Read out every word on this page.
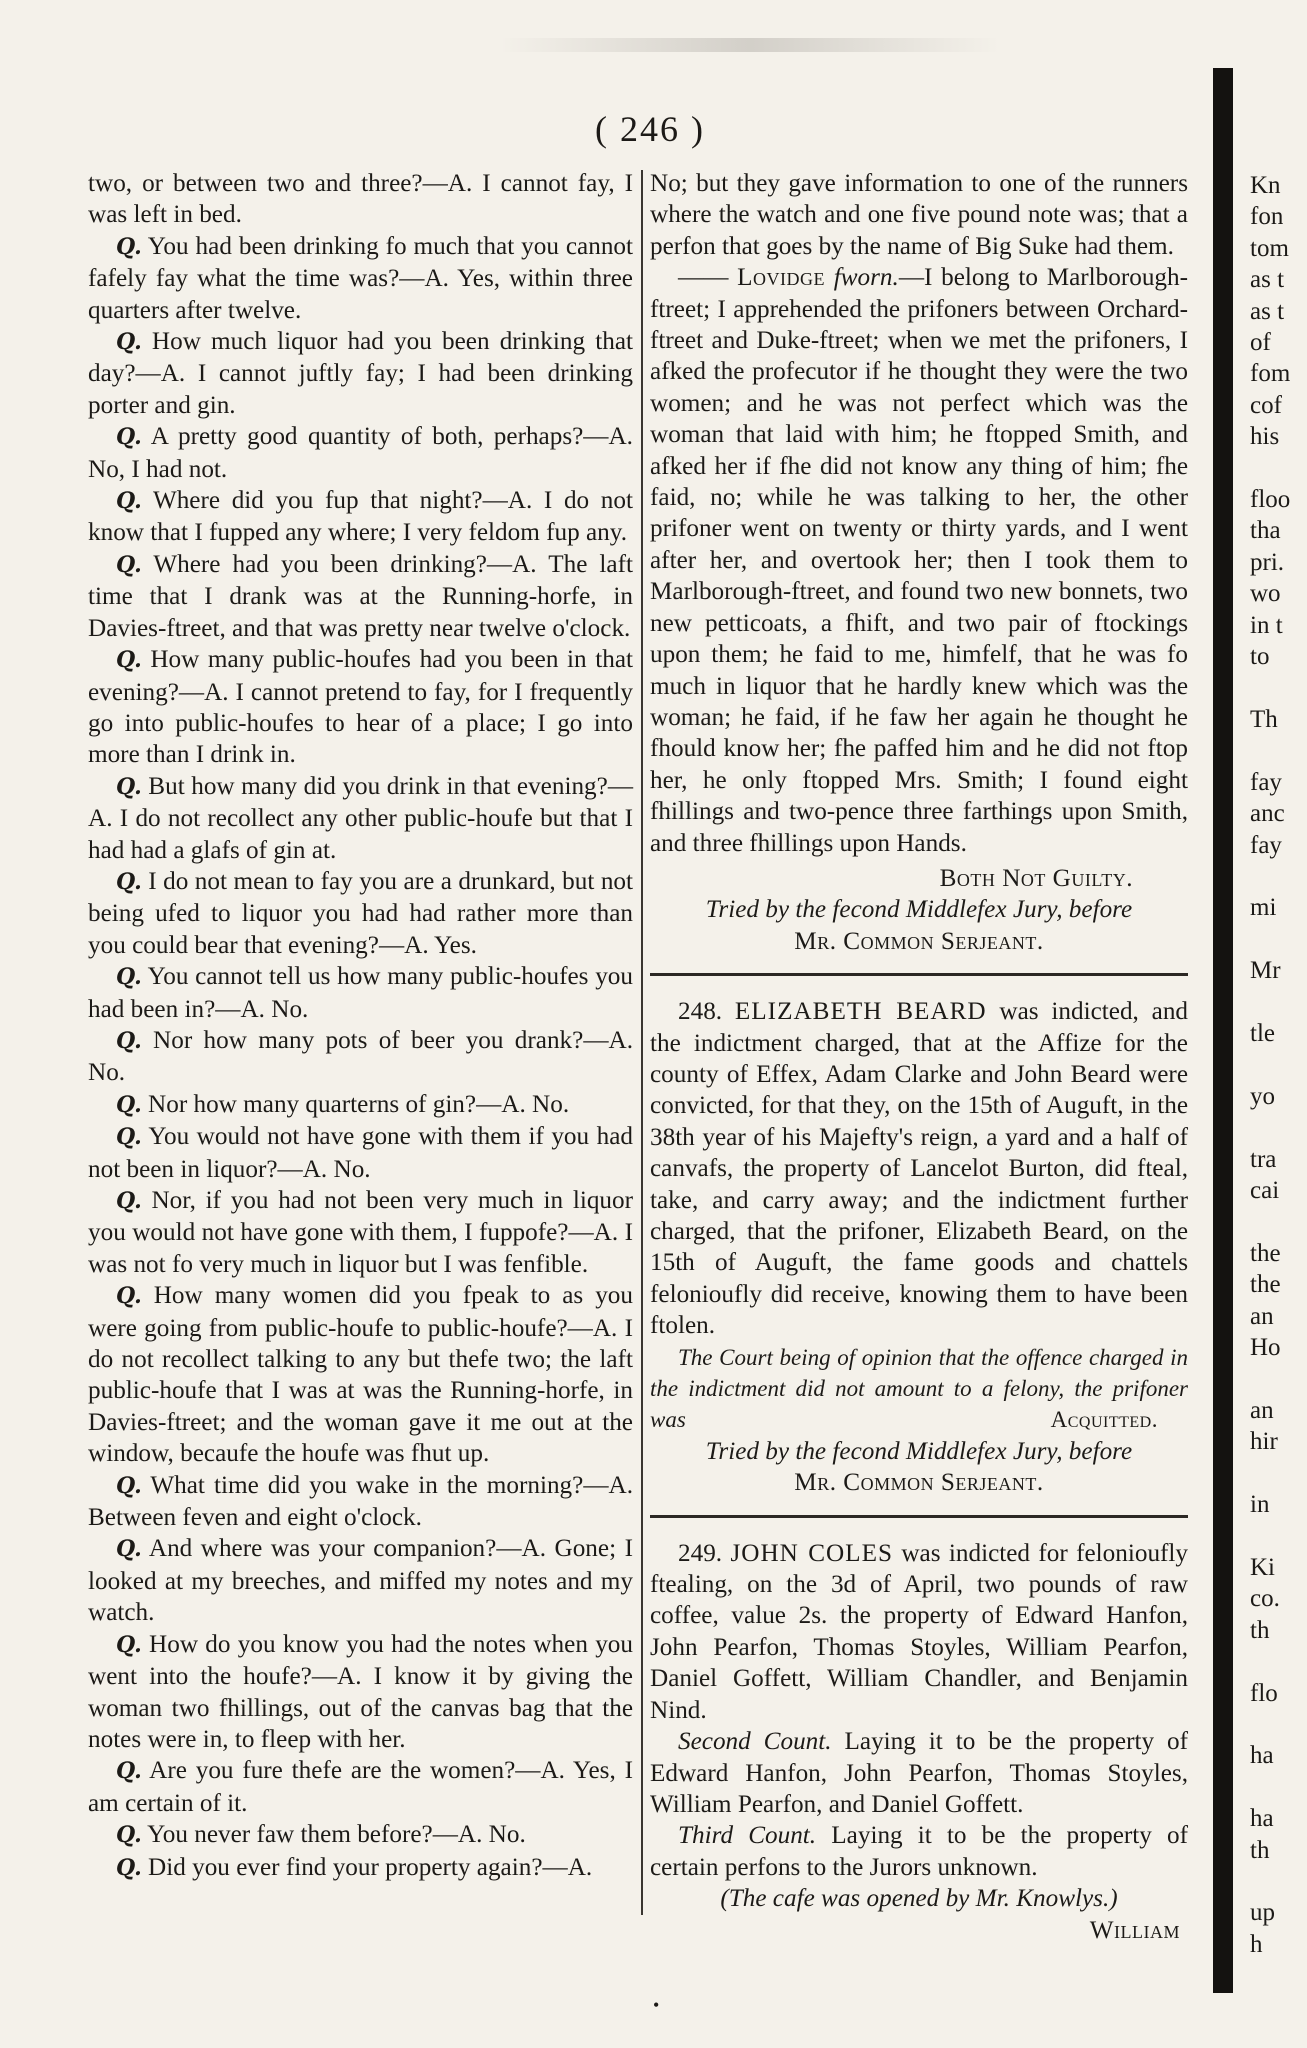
( 246 )

two, or between two and three?—A. I cannot fay, I was left in bed.

Q. You had been drinking fo much that you cannot fafely fay what the time was?—A. Yes, within three quarters after twelve.

Q. How much liquor had you been drinking that day?—A. I cannot juftly fay; I had been drinking porter and gin.

Q. A pretty good quantity of both, perhaps?—A. No, I had not.

Q. Where did you fup that night?—A. I do not know that I fupped any where; I very feldom fup any.

Q. Where had you been drinking?—A. The laft time that I drank was at the Running-horfe, in Davies-ftreet, and that was pretty near twelve o'clock.

Q. How many public-houfes had you been in that evening?—A. I cannot pretend to fay, for I frequently go into public-houfes to hear of a place; I go into more than I drink in.

Q. But how many did you drink in that evening?—A. I do not recollect any other public-houfe but that I had had a glafs of gin at.

Q. I do not mean to fay you are a drunkard, but not being ufed to liquor you had had rather more than you could bear that evening?—A. Yes.

Q. You cannot tell us how many public-houfes you had been in?—A. No.

Q. Nor how many pots of beer you drank?—A. No.

Q. Nor how many quarterns of gin?—A. No.

Q. You would not have gone with them if you had not been in liquor?—A. No.

Q. Nor, if you had not been very much in liquor you would not have gone with them, I fuppofe?—A. I was not fo very much in liquor but I was fenfible.

Q. How many women did you fpeak to as you were going from public-houfe to public-houfe?—A. I do not recollect talking to any but thefe two; the laft public-houfe that I was at was the Running-horfe, in Davies-ftreet; and the woman gave it me out at the window, becaufe the houfe was fhut up.

Q. What time did you wake in the morning?—A. Between feven and eight o'clock.

Q. And where was your companion?—A. Gone; I looked at my breeches, and miffed my notes and my watch.

Q. How do you know you had the notes when you went into the houfe?—A. I know it by giving the woman two fhillings, out of the canvas bag that the notes were in, to fleep with her.

Q. Are you fure thefe are the women?—A. Yes, I am certain of it.

Q. You never faw them before?—A. No.

Q. Did you ever find your property again?—A.

No; but they gave information to one of the runners where the watch and one five pound note was; that a perfon that goes by the name of Big Suke had them.

—— Lovidge fworn.—I belong to Marlborough-ftreet; I apprehended the prifoners between Orchard-ftreet and Duke-ftreet; when we met the prifoners, I afked the profecutor if he thought they were the two women; and he was not perfect which was the woman that laid with him; he ftopped Smith, and afked her if fhe did not know any thing of him; fhe faid, no; while he was talking to her, the other prifoner went on twenty or thirty yards, and I went after her, and overtook her; then I took them to Marlborough-ftreet, and found two new bonnets, two new petticoats, a fhift, and two pair of ftockings upon them; he faid to me, himfelf, that he was fo much in liquor that he hardly knew which was the woman; he faid, if he faw her again he thought he fhould know her; fhe paffed him and he did not ftop her, he only ftopped Mrs. Smith; I found eight fhillings and two-pence three farthings upon Smith, and three fhillings upon Hands.

Both Not Guilty.

Tried by the fecond Middlefex Jury, before

Mr. Common Serjeant.

248. ELIZABETH BEARD was indicted, and the indictment charged, that at the Affize for the county of Effex, Adam Clarke and John Beard were convicted, for that they, on the 15th of Auguft, in the 38th year of his Majefty's reign, a yard and a half of canvafs, the property of Lancelot Burton, did fteal, take, and carry away; and the indictment further charged, that the prifoner, Elizabeth Beard, on the 15th of Auguft, the fame goods and chattels felonioufly did receive, knowing them to have been ftolen.

The Court being of opinion that the offence charged in the indictment did not amount to a felony, the prifoner was	Acquitted.

Tried by the fecond Middlefex Jury, before

Mr. Common Serjeant.

249. JOHN COLES was indicted for felonioufly ftealing, on the 3d of April, two pounds of raw coffee, value 2s. the property of Edward Hanfon, John Pearfon, Thomas Stoyles, William Pearfon, Daniel Goffett, William Chandler, and Benjamin Nind.

Second Count. Laying it to be the property of Edward Hanfon, John Pearfon, Thomas Stoyles, William Pearfon, and Daniel Goffett.

Third Count. Laying it to be the property of certain perfons to the Jurors unknown.

(The cafe was opened by Mr. Knowlys.)

William

Kn
fon
tom
as t
as t
of
fom
cof
his

floo
tha
pri.
wo
in t
to

Th

fay
anc
fay

mi

Mr

tle

yo

tra
cai

the
the
an
Ho

an
hir

in

Ki
co.
th

flo

ha

ha
th

up
h
•
